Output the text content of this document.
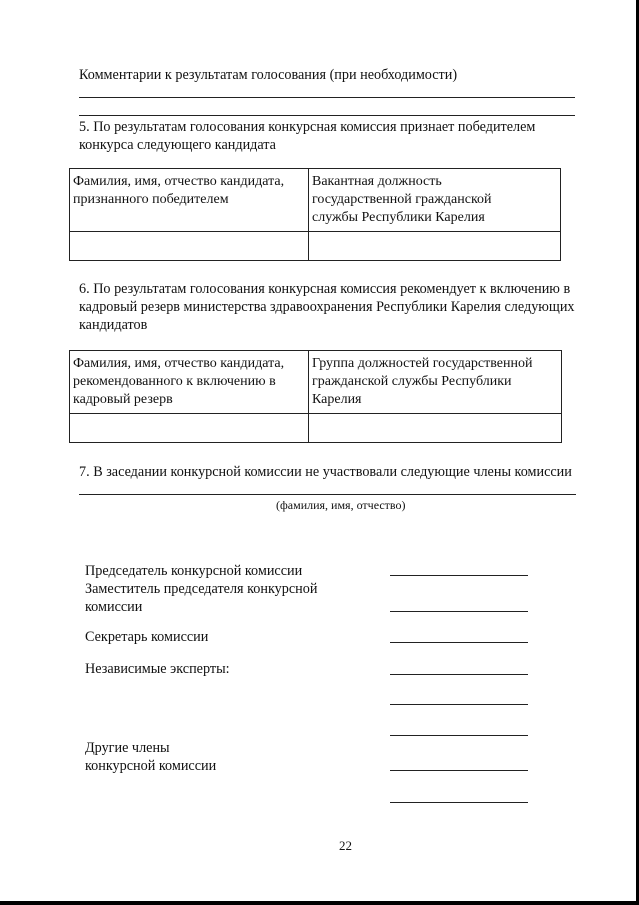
Комментарии к результатам голосования (при необходимости)
5. По результатам голосования конкурсная комиссия признает победителем
конкурса следующего кандидата
Фамилия, имя, отчество кандидата,
признанного победителем	Вакантная должность
государственной гражданской
службы Республики Карелия

6. По результатам голосования конкурсная комиссия рекомендует к включению в
кадровый резерв министерства здравоохранения Республики Карелия следующих
кандидатов
Фамилия, имя, отчество кандидата,
рекомендованного к включению в
кадровый резерв	Группа должностей государственной
гражданской службы Республики
Карелия

7. В заседании конкурсной комиссии не участвовали следующие члены комиссии
(фамилия, имя, отчество)
Председатель конкурсной комиссии
Заместитель председателя конкурсной
комиссии
Секретарь комиссии
Независимые эксперты:
Другие члены
конкурсной комиссии
22
